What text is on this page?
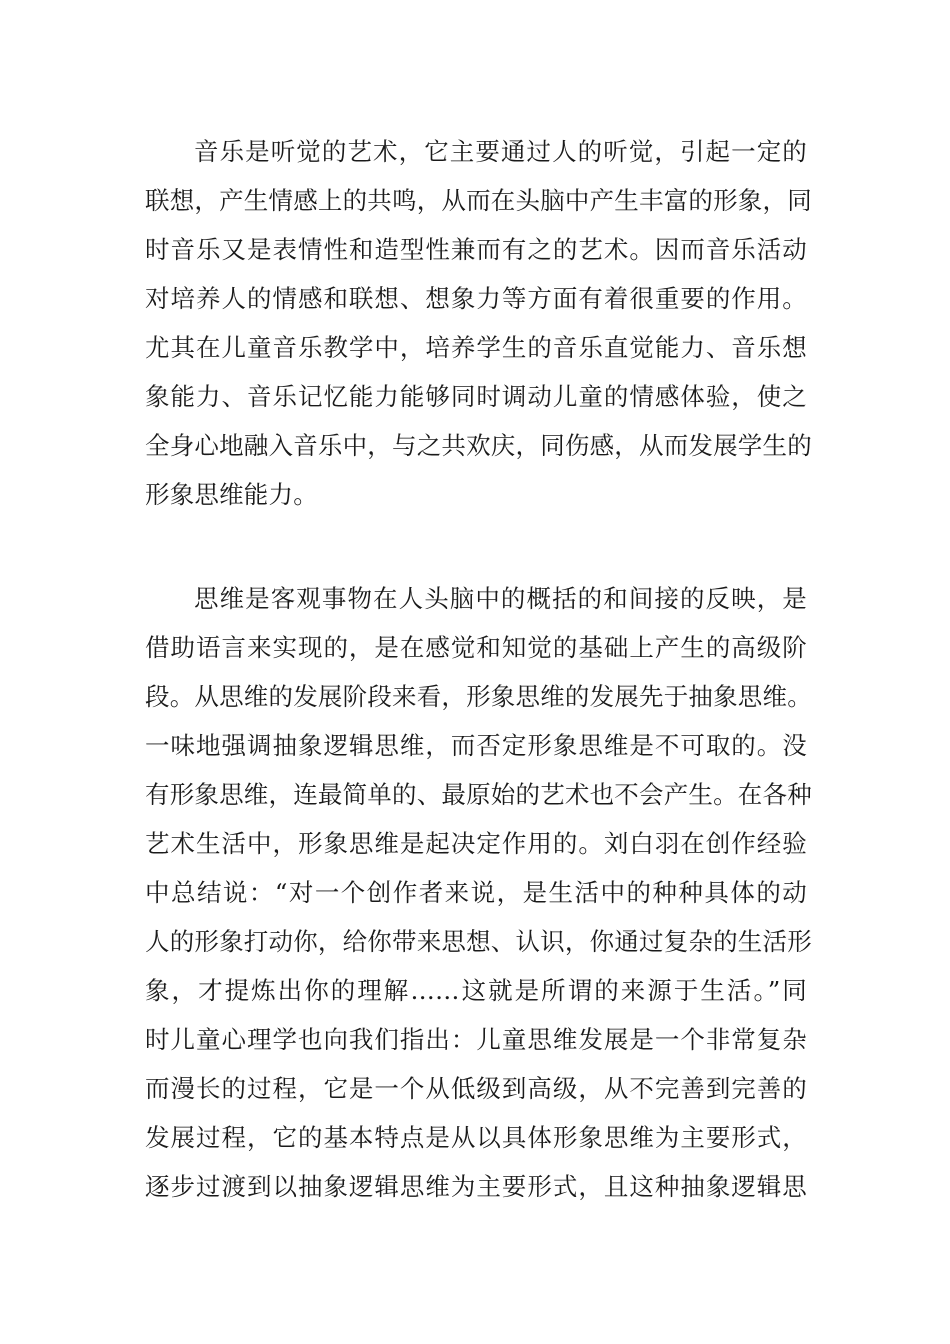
音乐是听觉的艺术，它主要通过人的听觉，引起一定的
联想，产生情感上的共鸣，从而在头脑中产生丰富的形象，同
时音乐又是表情性和造型性兼而有之的艺术。因而音乐活动
对培养人的情感和联想、想象力等方面有着很重要的作用。
尤其在儿童音乐教学中，培养学生的音乐直觉能力、音乐想
象能力、音乐记忆能力能够同时调动儿童的情感体验，使之
全身心地融入音乐中，与之共欢庆，同伤感，从而发展学生的
形象思维能力。
思维是客观事物在人头脑中的概括的和间接的反映，是
借助语言来实现的，是在感觉和知觉的基础上产生的高级阶
段。从思维的发展阶段来看，形象思维的发展先于抽象思维。
一味地强调抽象逻辑思维，而否定形象思维是不可取的。没
有形象思维，连最简单的、最原始的艺术也不会产生。在各种
艺术生活中，形象思维是起决定作用的。刘白羽在创作经验
中总结说：“对一个创作者来说，是生活中的种种具体的动
人的形象打动你，给你带来思想、认识，你通过复杂的生活形
象，才提炼出你的理解……这就是所谓的来源于生活。”同
时儿童心理学也向我们指出：儿童思维发展是一个非常复杂
而漫长的过程，它是一个从低级到高级，从不完善到完善的
发展过程，它的基本特点是从以具体形象思维为主要形式，
逐步过渡到以抽象逻辑思维为主要形式，且这种抽象逻辑思
